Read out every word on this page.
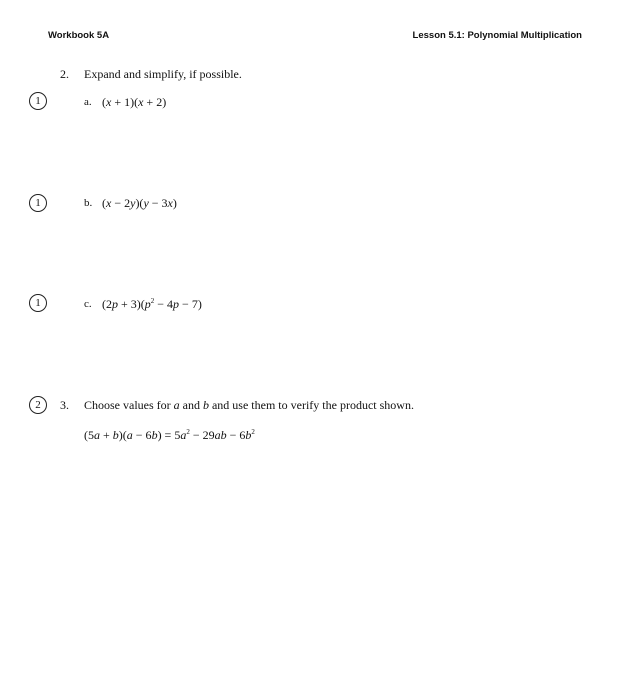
Workbook 5A	Lesson 5.1: Polynomial Multiplication
2. Expand and simplify, if possible.
1	a. (x + 1)(x + 2)
1	b. (x − 2y)(y − 3x)
1	c. $(2p + 3)(p^2 - 4p - 7)$
2	3. Choose values for a and b and use them to verify the product shown.
$(5a + b)(a - 6b) = 5a^2 - 29ab - 6b^2$
